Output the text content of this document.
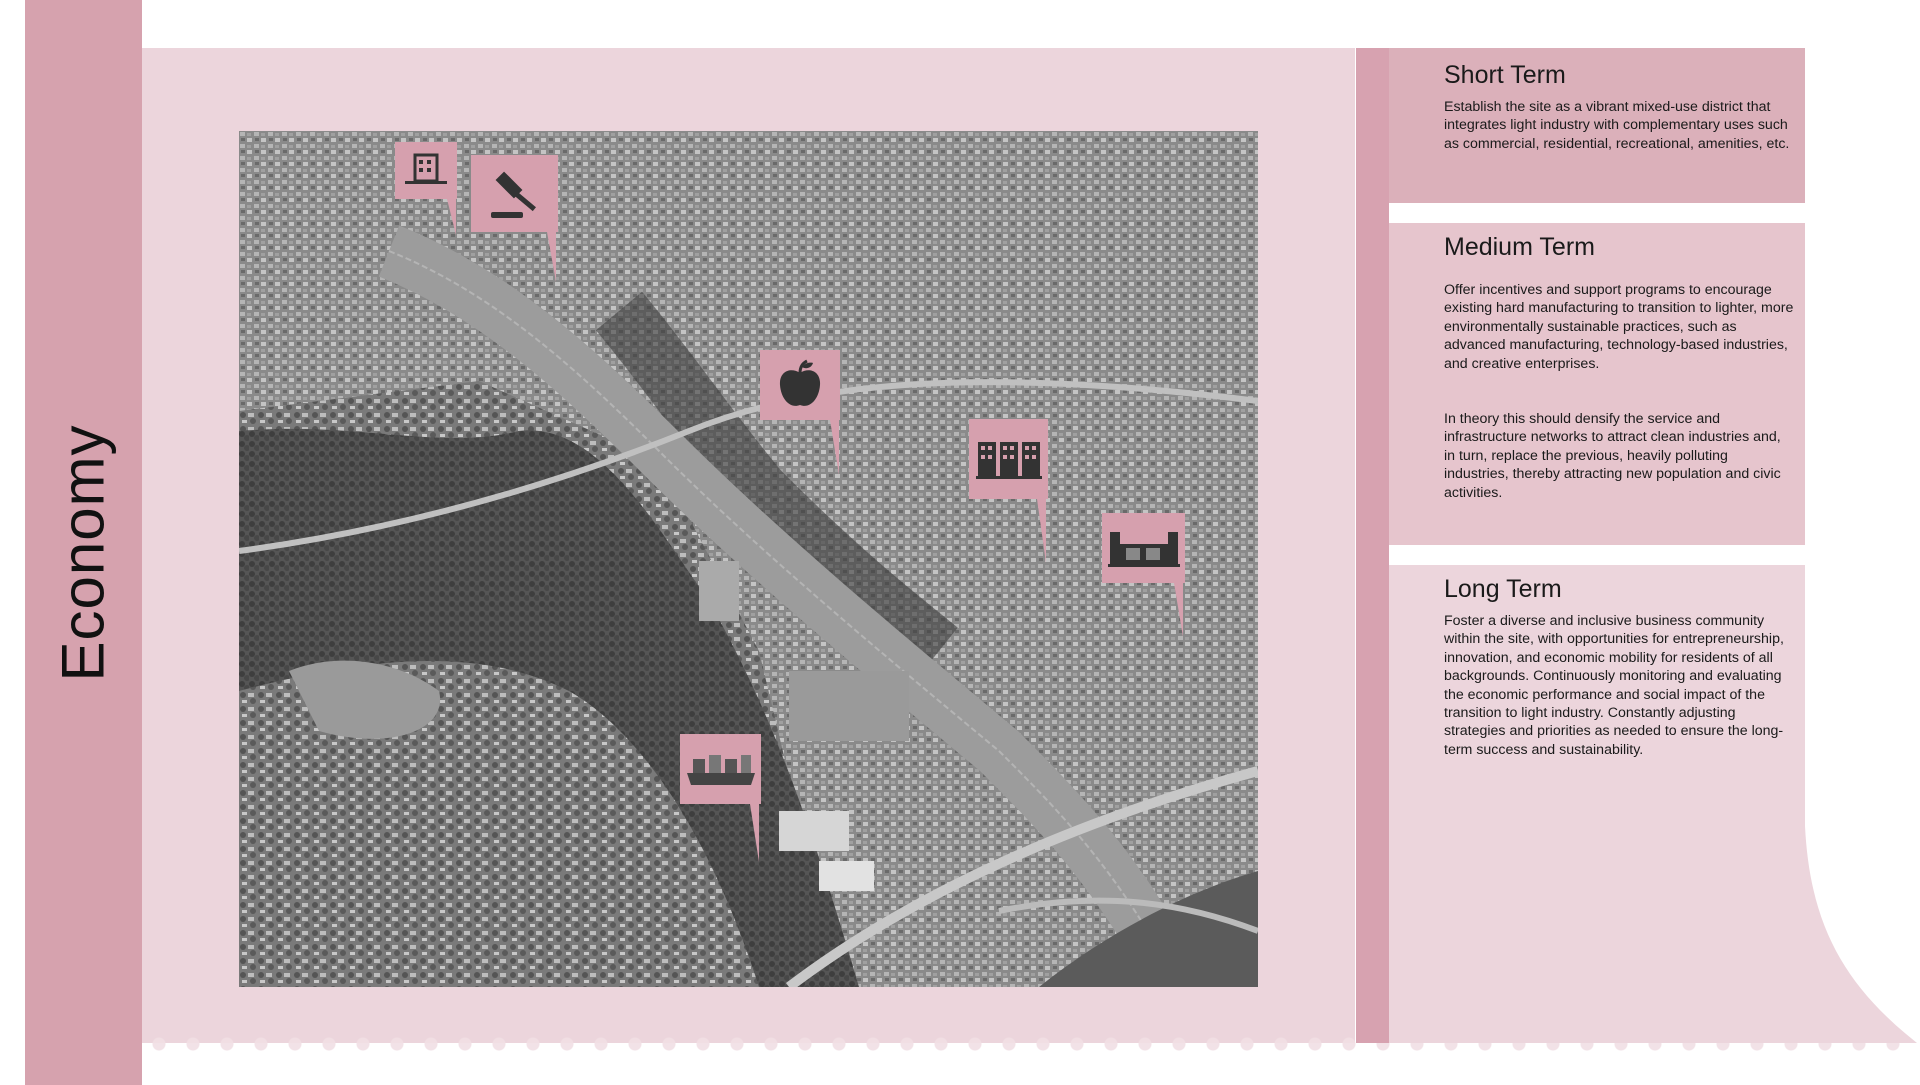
Economy
Short Term

Establish the site as a vibrant mixed-use district that integrates light industry with complementary uses such as commercial, residential, recreational, amenities, etc.

Medium Term

Offer incentives and support programs to encourage existing hard manufacturing to transition to lighter, more environmentally sustainable practices, such as advanced manufacturing, technology-based industries, and creative enterprises.

In theory this should densify the service and infrastructure networks to attract clean industries and, in turn, replace the previous, heavily polluting industries, thereby attracting new population and civic activities.

Long Term

Foster a diverse and inclusive business community within the site, with opportunities for entrepreneurship, innovation, and economic mobility for residents of all backgrounds. Continuously monitoring and evaluating the economic performance and social impact of the transition to light industry. Constantly adjusting strategies and priorities as needed to ensure the long-term success and sustainability.
